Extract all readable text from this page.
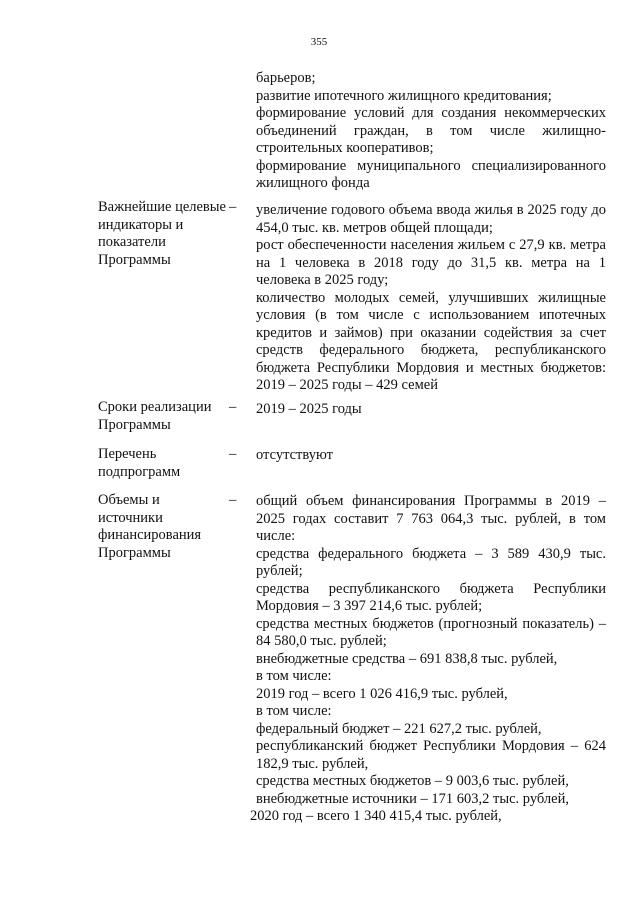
355

барьеров;

развитие ипотечного жилищного кредитования;

формирование условий для создания некоммерческих объединений граждан, в том числе жилищно-строительных кооперативов;

формирование муниципального специализированного жилищного фонда

Важнейшие целевые индикаторы и показатели Программы
– увеличение годового объема ввода жилья в 2025 году до 454,0 тыс. кв. метров общей площади;

рост обеспеченности населения жильем с 27,9 кв. метра на 1 человека в 2018 году до 31,5 кв. метра на 1 человека в 2025 году;

количество молодых семей, улучшивших жилищные условия (в том числе с использованием ипотечных кредитов и займов) при оказании содействия за счет средств федерального бюджета, республиканского бюджета Республики Мордовия и местных бюджетов: 2019 – 2025 годы – 429 семей

Сроки реализации Программы
– 2019 – 2025 годы

Перечень подпрограмм
– отсутствуют

Объемы и источники финансирования Программы
– общий объем финансирования Программы в 2019 – 2025 годах составит 7 763 064,3 тыс. рублей, в том числе:

средства федерального бюджета – 3 589 430,9 тыс. рублей;

средства республиканского бюджета Республики Мордовия – 3 397 214,6 тыс. рублей;

средства местных бюджетов (прогнозный показатель) – 84 580,0 тыс. рублей;

внебюджетные средства – 691 838,8 тыс. рублей,

в том числе:

2019 год – всего 1 026 416,9 тыс. рублей,

в том числе:

федеральный бюджет – 221 627,2 тыс. рублей,

республиканский бюджет Республики Мордовия – 624 182,9 тыс. рублей,

средства местных бюджетов – 9 003,6 тыс. рублей,

внебюджетные источники – 171 603,2 тыс. рублей,

2020 год – всего 1 340 415,4 тыс. рублей,
